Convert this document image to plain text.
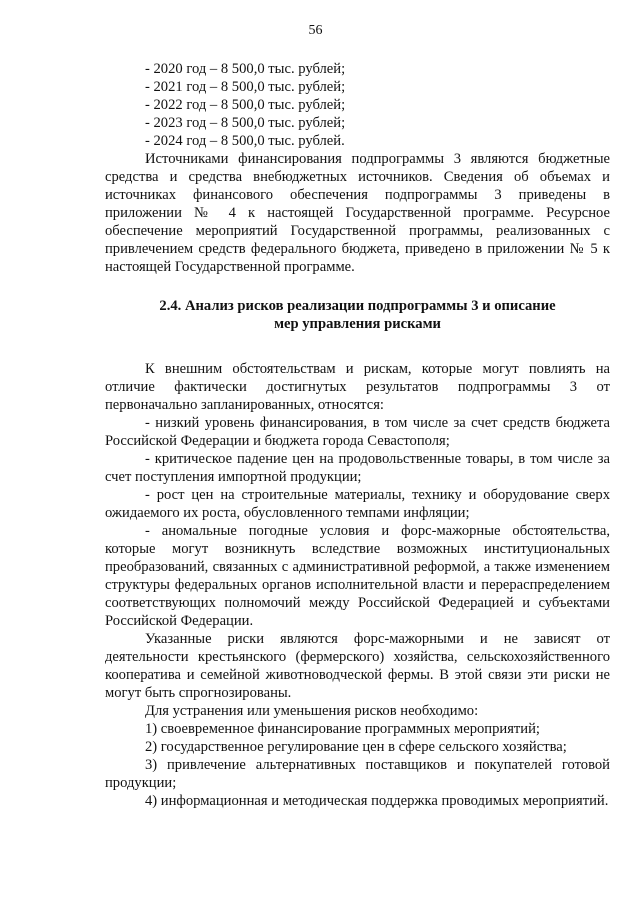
56

- 2020 год – 8 500,0 тыс. рублей;

- 2021 год – 8 500,0 тыс. рублей;

- 2022 год – 8 500,0 тыс. рублей;

- 2023 год – 8 500,0 тыс. рублей;

- 2024 год – 8 500,0 тыс. рублей.

Источниками финансирования подпрограммы 3 являются бюджетные средства и средства внебюджетных источников. Сведения об объемах и источниках финансового обеспечения подпрограммы 3 приведены в приложении № 4 к настоящей Государственной программе. Ресурсное обеспечение мероприятий Государственной программы, реализованных с привлечением средств федерального бюджета, приведено в приложении № 5 к настоящей Государственной программе.

2.4. Анализ рисков реализации подпрограммы 3 и описание
мер управления рисками

К внешним обстоятельствам и рискам, которые могут повлиять на отличие фактически достигнутых результатов подпрограммы 3 от первоначально запланированных, относятся:

- низкий уровень финансирования, в том числе за счет средств бюджета Российской Федерации и бюджета города Севастополя;

- критическое падение цен на продовольственные товары, в том числе за счет поступления импортной продукции;

- рост цен на строительные материалы, технику и оборудование сверх ожидаемого их роста, обусловленного темпами инфляции;

- аномальные погодные условия и форс-мажорные обстоятельства, которые могут возникнуть вследствие возможных институциональных преобразований, связанных с административной реформой, а также изменением структуры федеральных органов исполнительной власти и перераспределением соответствующих полномочий между Российской Федерацией и субъектами Российской Федерации.

Указанные риски являются форс-мажорными и не зависят от деятельности крестьянского (фермерского) хозяйства, сельскохозяйственного кооператива и семейной животноводческой фермы. В этой связи эти риски не могут быть спрогнозированы.

Для устранения или уменьшения рисков необходимо:

1) своевременное финансирование программных мероприятий;

2) государственное регулирование цен в сфере сельского хозяйства;

3) привлечение альтернативных поставщиков и покупателей готовой продукции;

4) информационная и методическая поддержка проводимых мероприятий.
